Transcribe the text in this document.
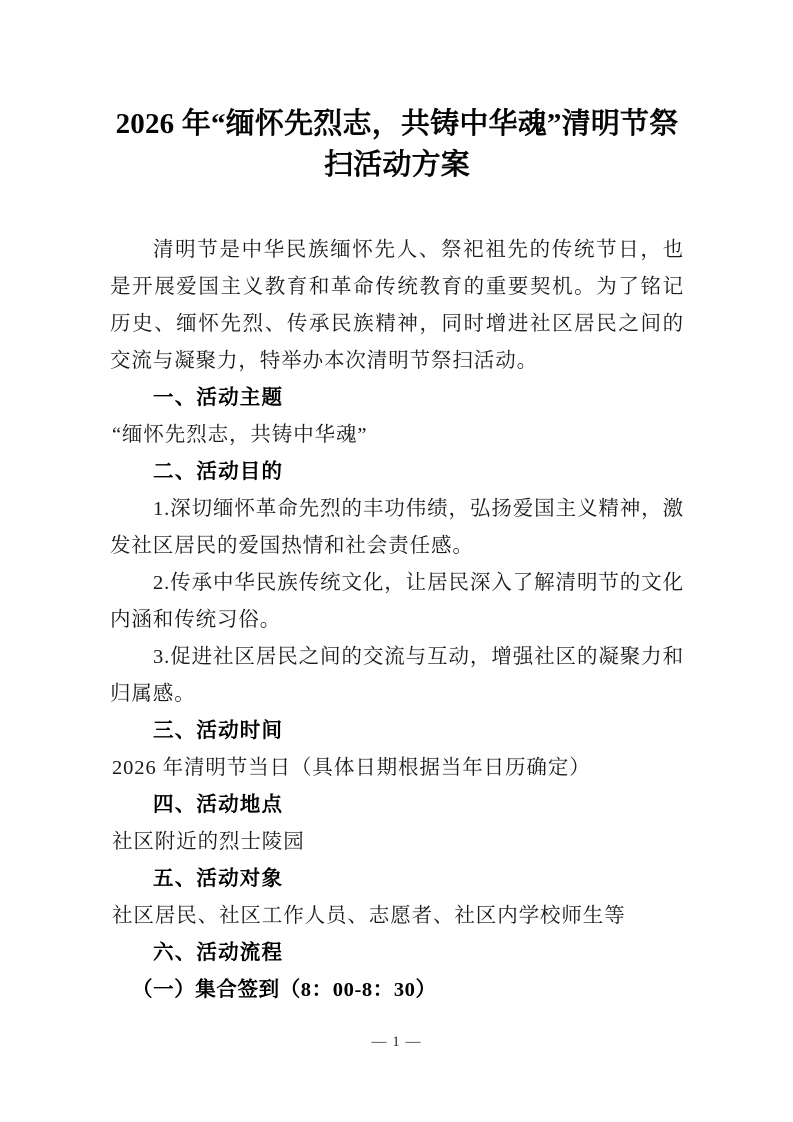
2026 年“缅怀先烈志，共铸中华魂”清明节祭扫活动方案

清明节是中华民族缅怀先人、祭祀祖先的传统节日，也是开展爱国主义教育和革命传统教育的重要契机。为了铭记历史、缅怀先烈、传承民族精神，同时增进社区居民之间的交流与凝聚力，特举办本次清明节祭扫活动。

一、活动主题

“缅怀先烈志，共铸中华魂”

二、活动目的

1.深切缅怀革命先烈的丰功伟绩，弘扬爱国主义精神，激发社区居民的爱国热情和社会责任感。

2.传承中华民族传统文化，让居民深入了解清明节的文化内涵和传统习俗。

3.促进社区居民之间的交流与互动，增强社区的凝聚力和归属感。

三、活动时间

2026 年清明节当日（具体日期根据当年日历确定）

四、活动地点

社区附近的烈士陵园

五、活动对象

社区居民、社区工作人员、志愿者、社区内学校师生等

六、活动流程

（一）集合签到（8：00-8：30）

— 1 —
